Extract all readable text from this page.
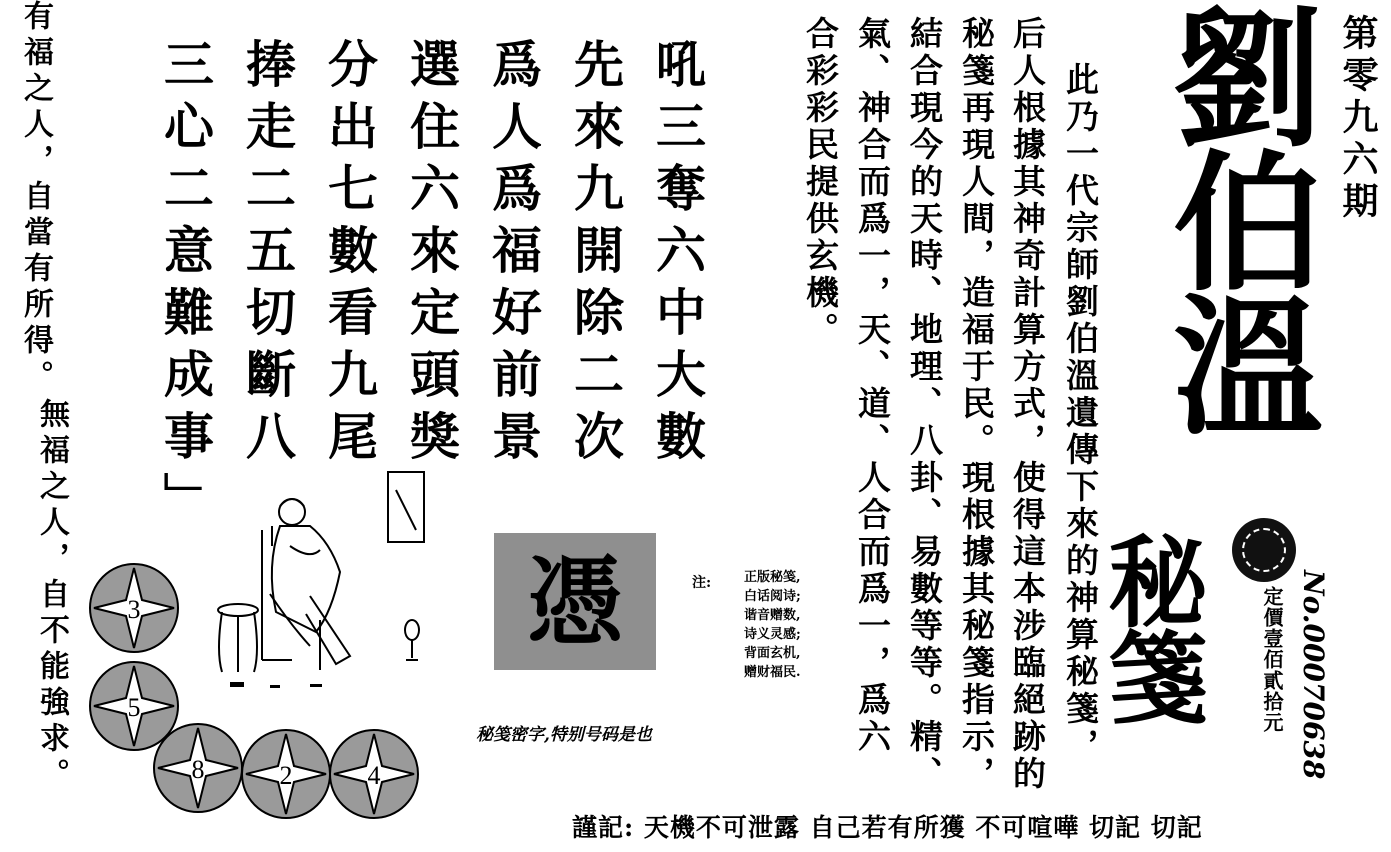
第零九六期
劉伯溫
秘箋	定價壹佰貳拾元 No.00070638
此乃一代宗師劉伯溫遺傳下來的神算秘箋，
后人根據其神奇計算方式，使得這本涉臨絕跡的
秘箋再現人間，造福于民。現根據其秘箋指示，
結合現今的天時、地理、八卦、易數等等。精、
氣、神合而爲一，天、道、人合而爲一，爲六
合彩彩民提供玄機。
吼三奪六中大數
先來九開除二次
爲人爲福好前景
選住六來定頭獎
分出七數看九尾
捧走二五切斷八
三心二意難成事」
有福之人，自當有所得。
無福之人，自不能強求。	憑
秘笺密字,特别号码是也
注:	正版秘笺,
白话阅诗;
谐音赠数,
诗义灵感;
背面玄机,
赠财福民.
3
5
8	2	4
謹記: 天機不可泄露 自己若有所獲 不可喧嘩 切記 切記
